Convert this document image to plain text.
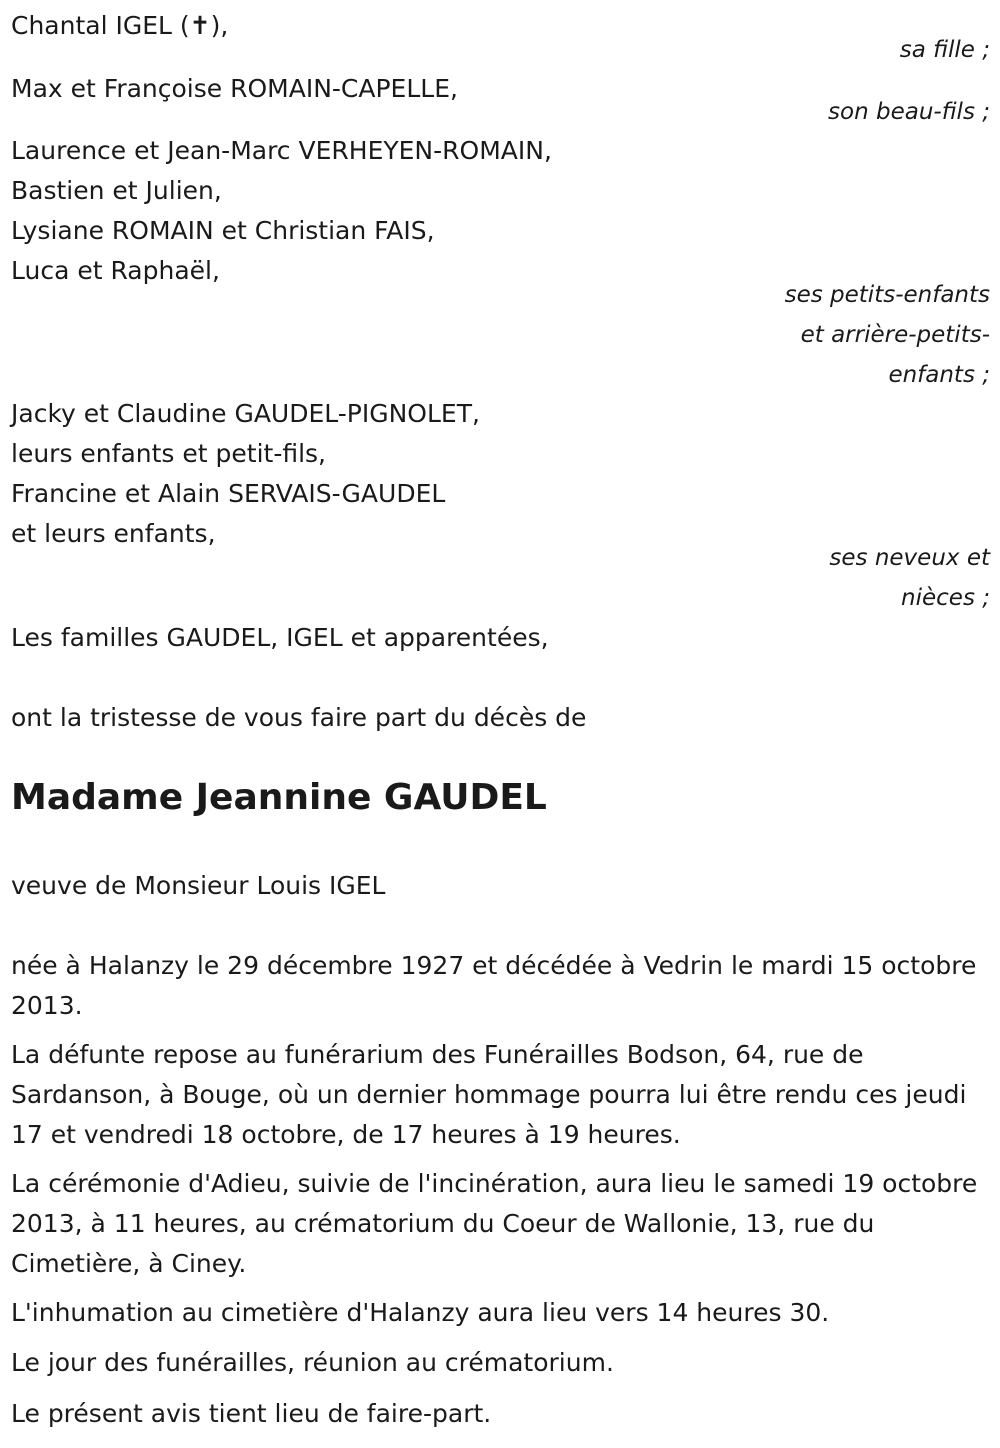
Chantal IGEL (✝),
sa fille ;
Max et Françoise ROMAIN-CAPELLE,
son beau-fils ;
Laurence et Jean-Marc VERHEYEN-ROMAIN,
Bastien et Julien,
Lysiane ROMAIN et Christian FAIS,
Luca et Raphaël,
ses petits-enfants
et arrière-petits-
enfants ;
Jacky et Claudine GAUDEL-PIGNOLET,
leurs enfants et petit-fils,
Francine et Alain SERVAIS-GAUDEL
et leurs enfants,
ses neveux et
nièces ;
Les familles GAUDEL, IGEL et apparentées,
ont la tristesse de vous faire part du décès de
Madame Jeannine GAUDEL
veuve de Monsieur Louis IGEL
née à Halanzy le 29 décembre 1927 et décédée à Vedrin le mardi 15 octobre 2013.
La défunte repose au funérarium des Funérailles Bodson, 64, rue de Sardanson, à Bouge, où un dernier hommage pourra lui être rendu ces jeudi 17 et vendredi 18 octobre, de 17 heures à 19 heures.
La cérémonie d'Adieu, suivie de l'incinération, aura lieu le samedi 19 octobre 2013, à 11 heures, au crématorium du Coeur de Wallonie, 13, rue du Cimetière, à Ciney.
L'inhumation au cimetière d'Halanzy aura lieu vers 14 heures 30.
Le jour des funérailles, réunion au crématorium.
Le présent avis tient lieu de faire-part.
